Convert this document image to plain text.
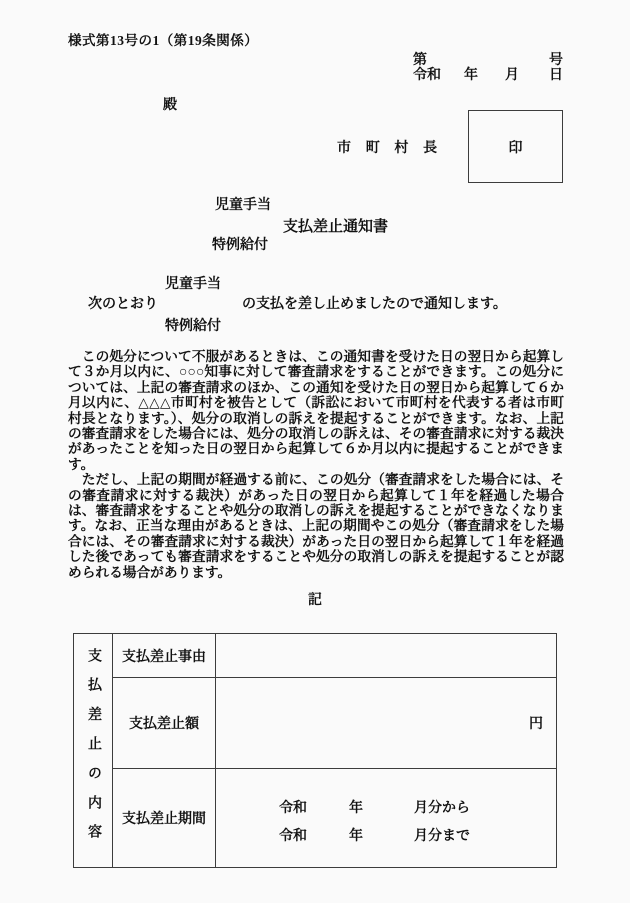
様式第13号の1（第19条関係）
第	号
令和 年 月 日
殿
市町村長	印
児童手当
支払差止通知書
特例給付
次のとおり
児童手当
特例給付
の支払を差し止めましたので通知します。

　この処分について不服があるときは、この通知書を受けた日の翌日から起算して３か月以内に、○○○知事に対して審査請求をすることができます。この処分については、上記の審査請求のほか、この通知を受けた日の翌日から起算して６か月以内に、△△△市町村を被告として（訴訟において市町村を代表する者は市町村長となります。）、処分の取消しの訴えを提起することができます。なお、上記の審査請求をした場合には、処分の取消しの訴えは、その審査請求に対する裁決があったことを知った日の翌日から起算して６か月以内に提起することができます。

　ただし、上記の期間が経過する前に、この処分（審査請求をした場合には、その審査請求に対する裁決）があった日の翌日から起算して１年を経過した場合は、審査請求をすることや処分の取消しの訴えを提起することができなくなります。なお、正当な理由があるときは、上記の期間やこの処分（審査請求をした場合には、その審査請求に対する裁決）があった日の翌日から起算して１年を経過した後であっても審査請求をすることや処分の取消しの訴えを提起することが認められる場合があります。

記
支払差止の内容 支払差止事由
支払差止額	円
支払差止期間
令和	年	月分から
令和	年	月分まで
